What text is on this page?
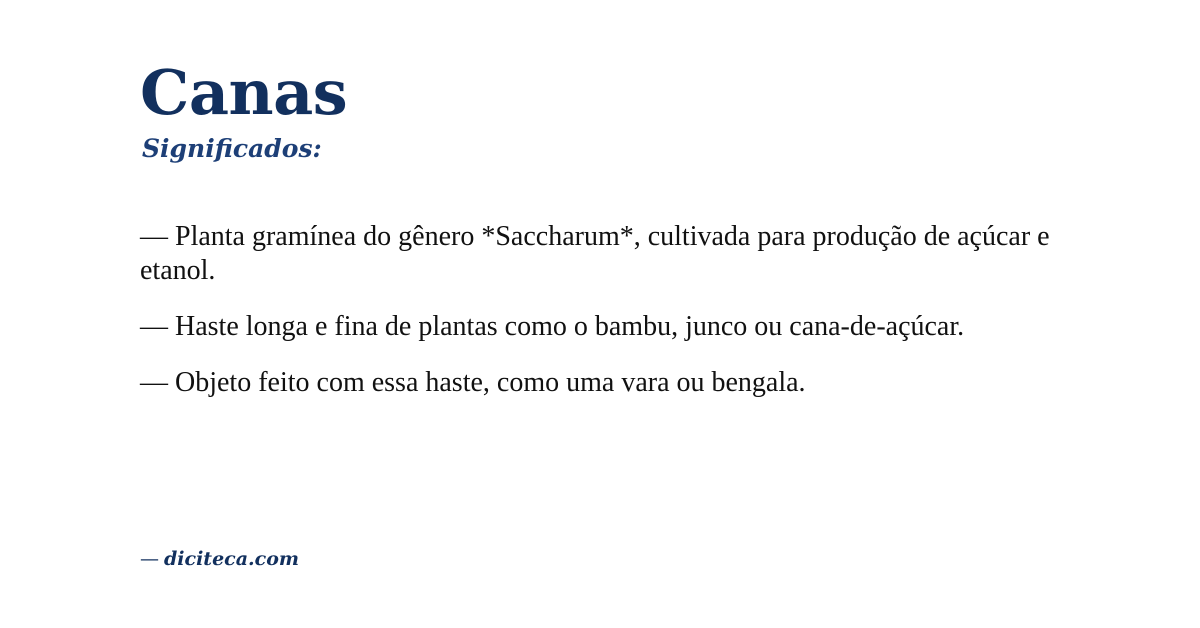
Canas
Significados:

— Planta gramínea do gênero *Saccharum*, cultivada para produção de açúcar e etanol.

— Haste longa e fina de plantas como o bambu, junco ou cana-de-açúcar.

— Objeto feito com essa haste, como uma vara ou bengala.

— diciteca.com
